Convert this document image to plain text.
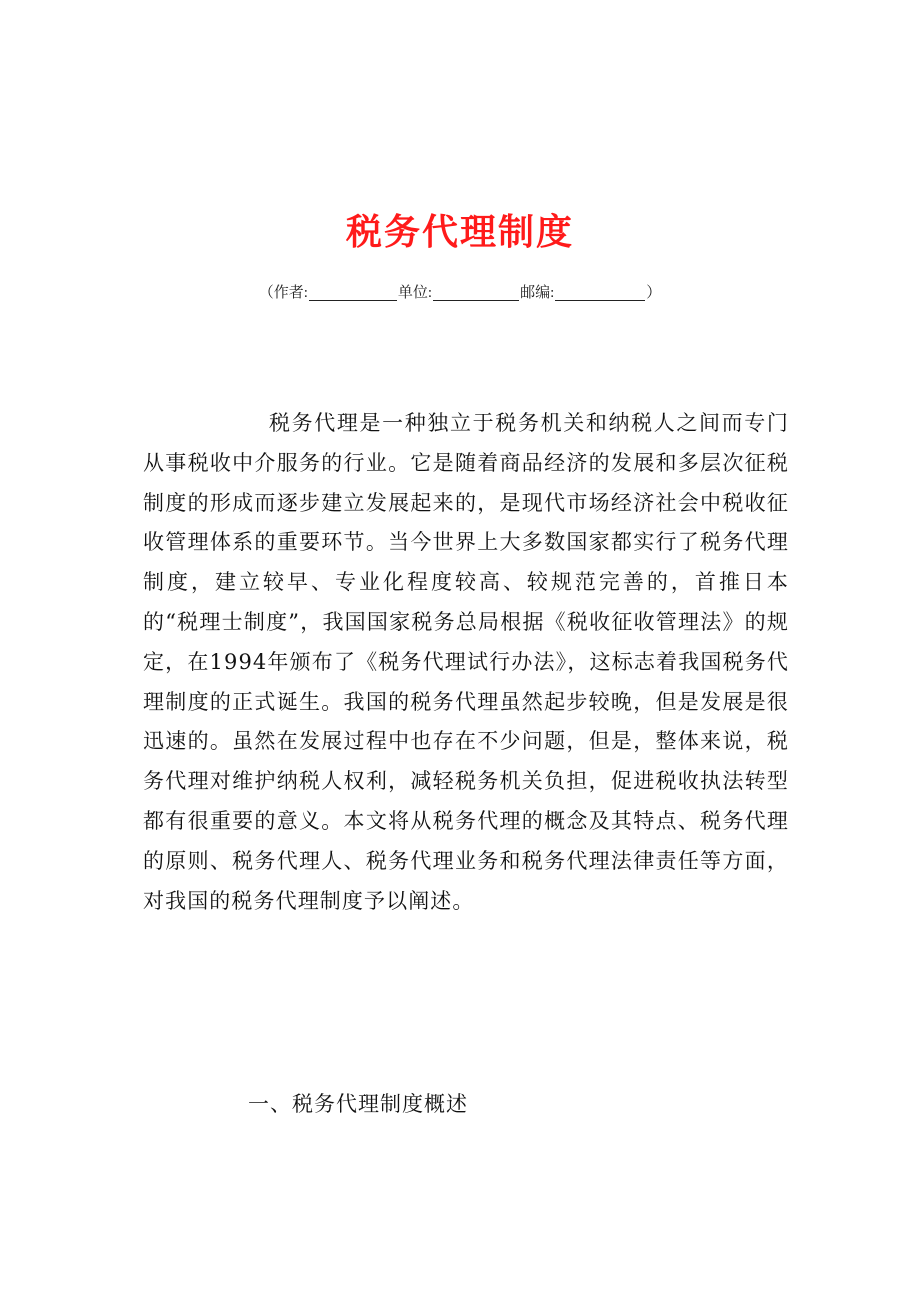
税务代理制度
（作者:	单位:	邮编:	）

税务代理是一种独立于税务机关和纳税人之间而专门从事税收中介服务的行业。它是随着商品经济的发展和多层次征税制度的形成而逐步建立发展起来的，是现代市场经济社会中税收征收管理体系的重要环节。当今世界上大多数国家都实行了税务代理制度，建立较早、专业化程度较高、较规范完善的，首推日本的“税理士制度”，我国国家税务总局根据《税收征收管理法》的规定，在1994年颁布了《税务代理试行办法》，这标志着我国税务代理制度的正式诞生。我国的税务代理虽然起步较晚，但是发展是很迅速的。虽然在发展过程中也存在不少问题，但是，整体来说，税务代理对维护纳税人权利，减轻税务机关负担，促进税收执法转型都有很重要的意义。本文将从税务代理的概念及其特点、税务代理的原则、税务代理人、税务代理业务和税务代理法律责任等方面，对我国的税务代理制度予以阐述。

一、税务代理制度概述
